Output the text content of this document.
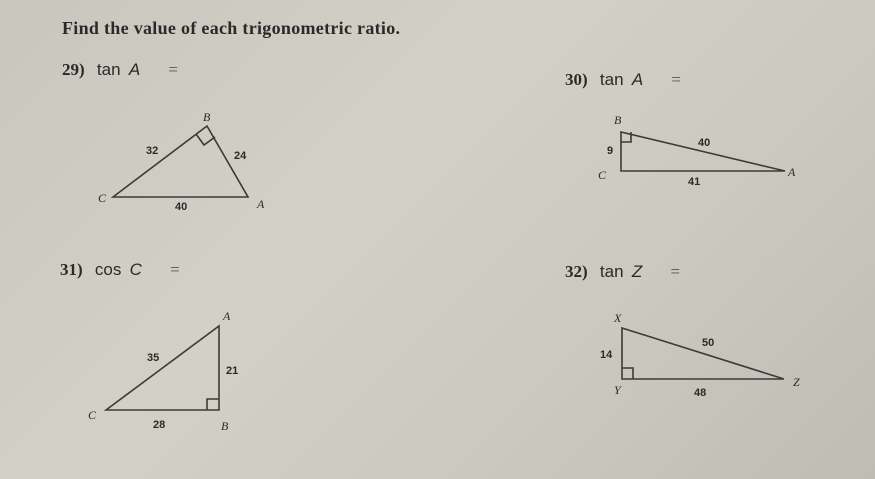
Find the value of each trigonometric ratio.
29) tan A =
B
C	A
32	24
40
30) tan A =
B
C	A
9
40
41
31) cos C =
A
C
B
35
21
28
32) tan Z =
X
Y
Z
14
50
48
